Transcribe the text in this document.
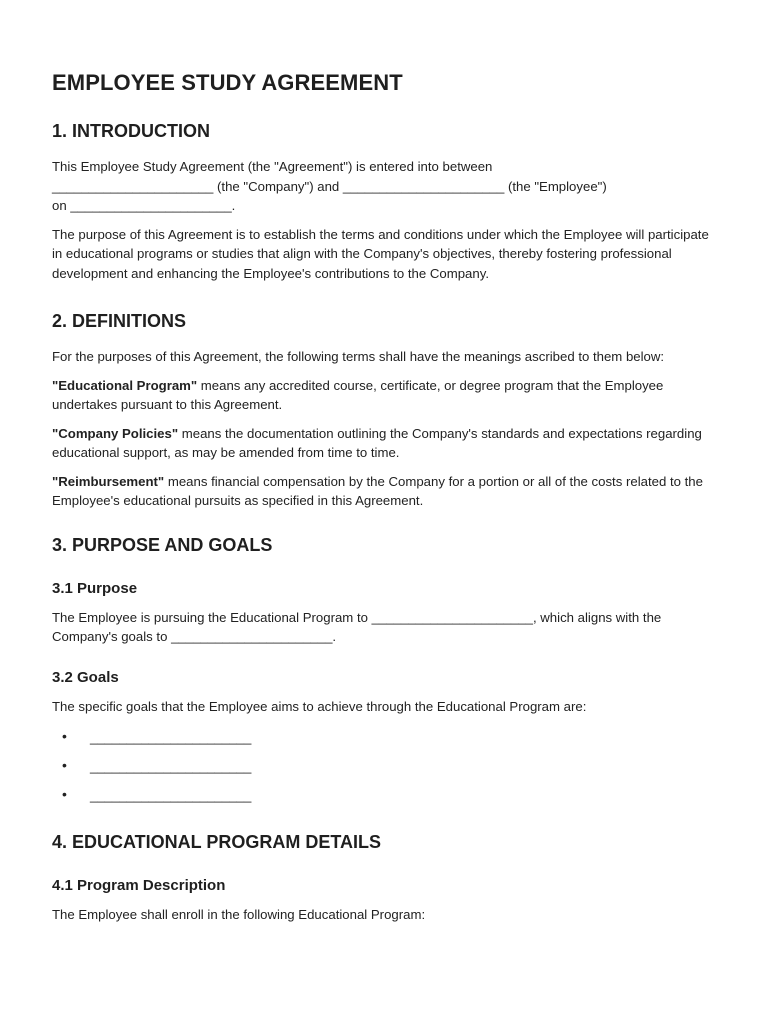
EMPLOYEE STUDY AGREEMENT
1. INTRODUCTION

This Employee Study Agreement (the "Agreement") is entered into between
______________________ (the "Company") and ______________________ (the "Employee")
on ______________________.

The purpose of this Agreement is to establish the terms and conditions under which the Employee will participate in educational programs or studies that align with the Company's objectives, thereby fostering professional development and enhancing the Employee's contributions to the Company.

2. DEFINITIONS

For the purposes of this Agreement, the following terms shall have the meanings ascribed to them below:

"Educational Program" means any accredited course, certificate, or degree program that the Employee undertakes pursuant to this Agreement.

"Company Policies" means the documentation outlining the Company's standards and expectations regarding educational support, as may be amended from time to time.

"Reimbursement" means financial compensation by the Company for a portion or all of the costs related to the Employee's educational pursuits as specified in this Agreement.

3. PURPOSE AND GOALS
3.1 Purpose

The Employee is pursuing the Educational Program to ______________________, which aligns with the Company's goals to ______________________.

3.2 Goals

The specific goals that the Employee aims to achieve through the Educational Program are:

• ______________________
• ______________________
• ______________________
4. EDUCATIONAL PROGRAM DETAILS
4.1 Program Description

The Employee shall enroll in the following Educational Program:
